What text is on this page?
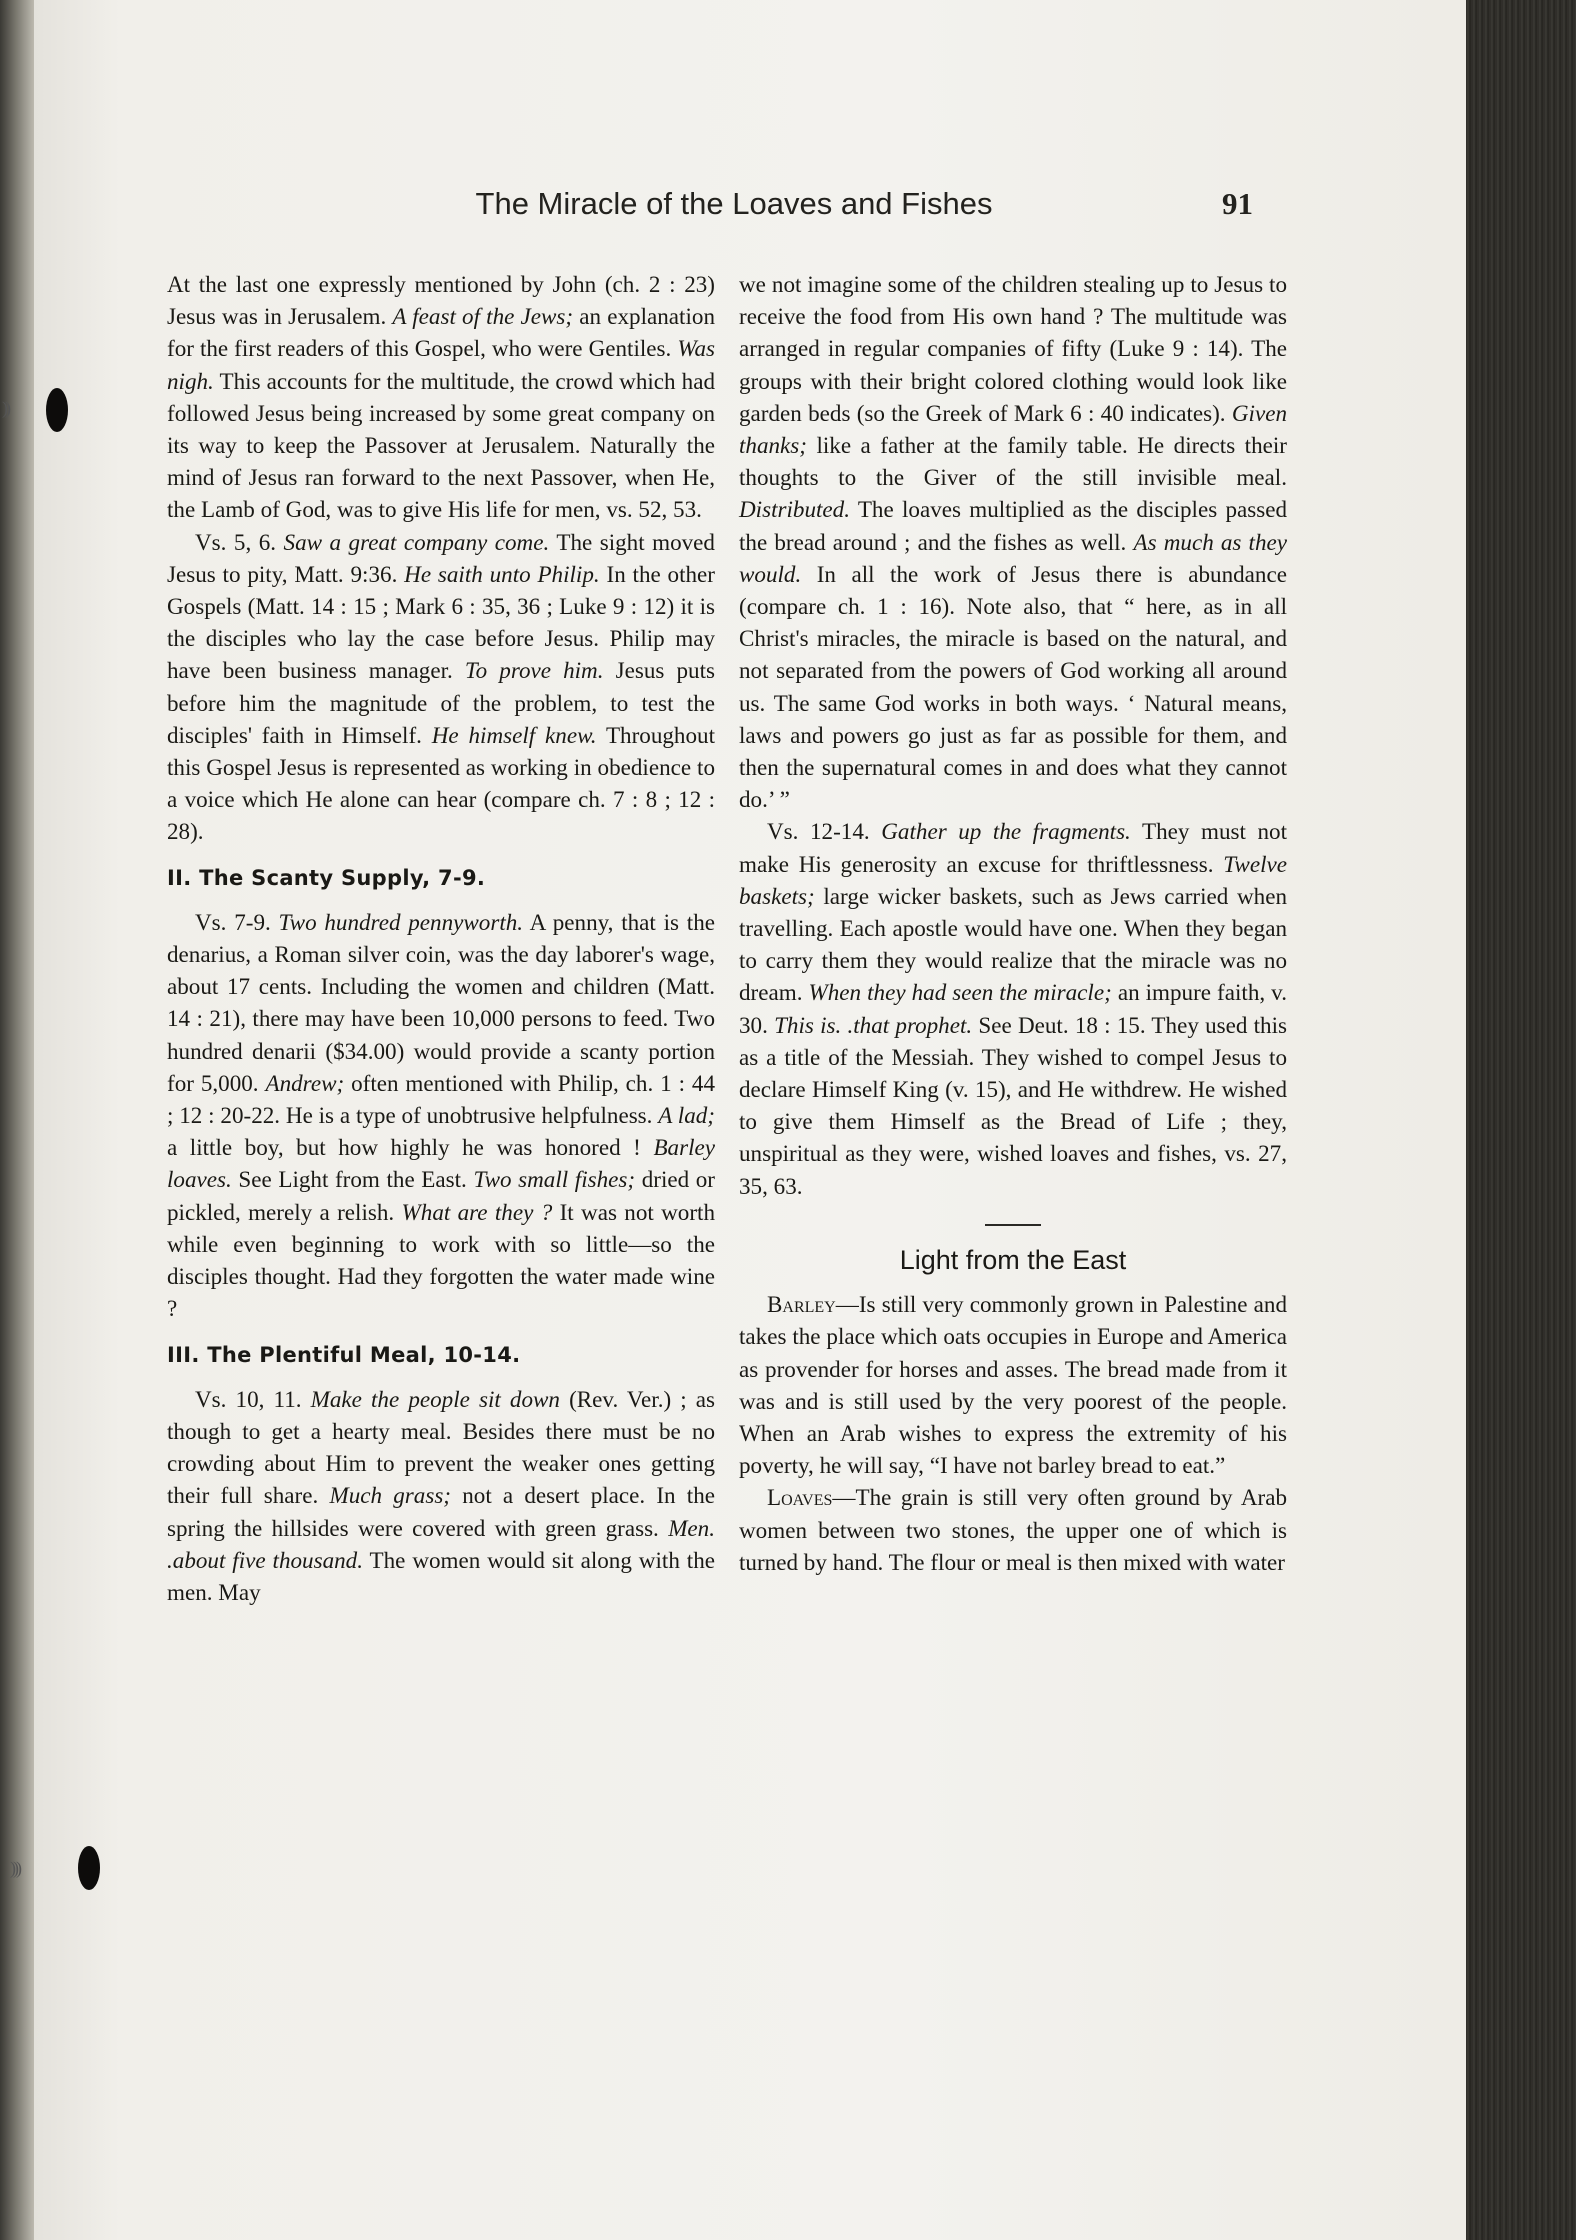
))
)))
The Miracle of the Loaves and Fishes	91

At the last one expressly mentioned by John (ch. 2 : 23) Jesus was in Jerusalem. A feast of the Jews; an explanation for the first readers of this Gospel, who were Gentiles. Was nigh. This accounts for the multitude, the crowd which had followed Jesus being increased by some great company on its way to keep the Passover at Jerusalem. Naturally the mind of Jesus ran forward to the next Passover, when He, the Lamb of God, was to give His life for men, vs. 52, 53.

Vs. 5, 6. Saw a great company come. The sight moved Jesus to pity, Matt. 9:36. He saith unto Philip. In the other Gospels (Matt. 14 : 15 ; Mark 6 : 35, 36 ; Luke 9 : 12) it is the disciples who lay the case before Jesus. Philip may have been business manager. To prove him. Jesus puts before him the magnitude of the problem, to test the disciples' faith in Himself. He himself knew. Throughout this Gospel Jesus is represented as working in obedience to a voice which He alone can hear (compare ch. 7 : 8 ; 12 : 28).

II. The Scanty Supply, 7-9.

Vs. 7-9. Two hundred pennyworth. A penny, that is the denarius, a Roman silver coin, was the day laborer's wage, about 17 cents. Including the women and children (Matt. 14 : 21), there may have been 10,000 persons to feed. Two hundred denarii ($34.00) would provide a scanty portion for 5,000. Andrew; often mentioned with Philip, ch. 1 : 44 ; 12 : 20-22. He is a type of unobtrusive helpfulness. A lad; a little boy, but how highly he was honored ! Barley loaves. See Light from the East. Two small fishes; dried or pickled, merely a relish. What are they ? It was not worth while even beginning to work with so little—so the disciples thought. Had they forgotten the water made wine ?

III. The Plentiful Meal, 10-14.

Vs. 10, 11. Make the people sit down (Rev. Ver.) ; as though to get a hearty meal. Besides there must be no crowding about Him to prevent the weaker ones getting their full share. Much grass; not a desert place. In the spring the hillsides were covered with green grass. Men. .about five thousand. The women would sit along with the men. May

we not imagine some of the children stealing up to Jesus to receive the food from His own hand ? The multitude was arranged in regular companies of fifty (Luke 9 : 14). The groups with their bright colored clothing would look like garden beds (so the Greek of Mark 6 : 40 indicates). Given thanks; like a father at the family table. He directs their thoughts to the Giver of the still invisible meal. Distributed. The loaves multiplied as the disciples passed the bread around ; and the fishes as well. As much as they would. In all the work of Jesus there is abundance (compare ch. 1 : 16). Note also, that “ here, as in all Christ's miracles, the miracle is based on the natural, and not separated from the powers of God working all around us. The same God works in both ways. ‘ Natural means, laws and powers go just as far as possible for them, and then the supernatural comes in and does what they cannot do.’ ”

Vs. 12-14. Gather up the fragments. They must not make His generosity an excuse for thriftlessness. Twelve baskets; large wicker baskets, such as Jews carried when travelling. Each apostle would have one. When they began to carry them they would realize that the miracle was no dream. When they had seen the miracle; an impure faith, v. 30. This is. .that prophet. See Deut. 18 : 15. They used this as a title of the Messiah. They wished to compel Jesus to declare Himself King (v. 15), and He withdrew. He wished to give them Himself as the Bread of Life ; they, unspiritual as they were, wished loaves and fishes, vs. 27, 35, 63.

Light from the East

Barley—Is still very commonly grown in Palestine and takes the place which oats occupies in Europe and America as provender for horses and asses. The bread made from it was and is still used by the very poorest of the people. When an Arab wishes to express the extremity of his poverty, he will say, “I have not barley bread to eat.”

Loaves—The grain is still very often ground by Arab women between two stones, the upper one of which is turned by hand. The flour or meal is then mixed with water
